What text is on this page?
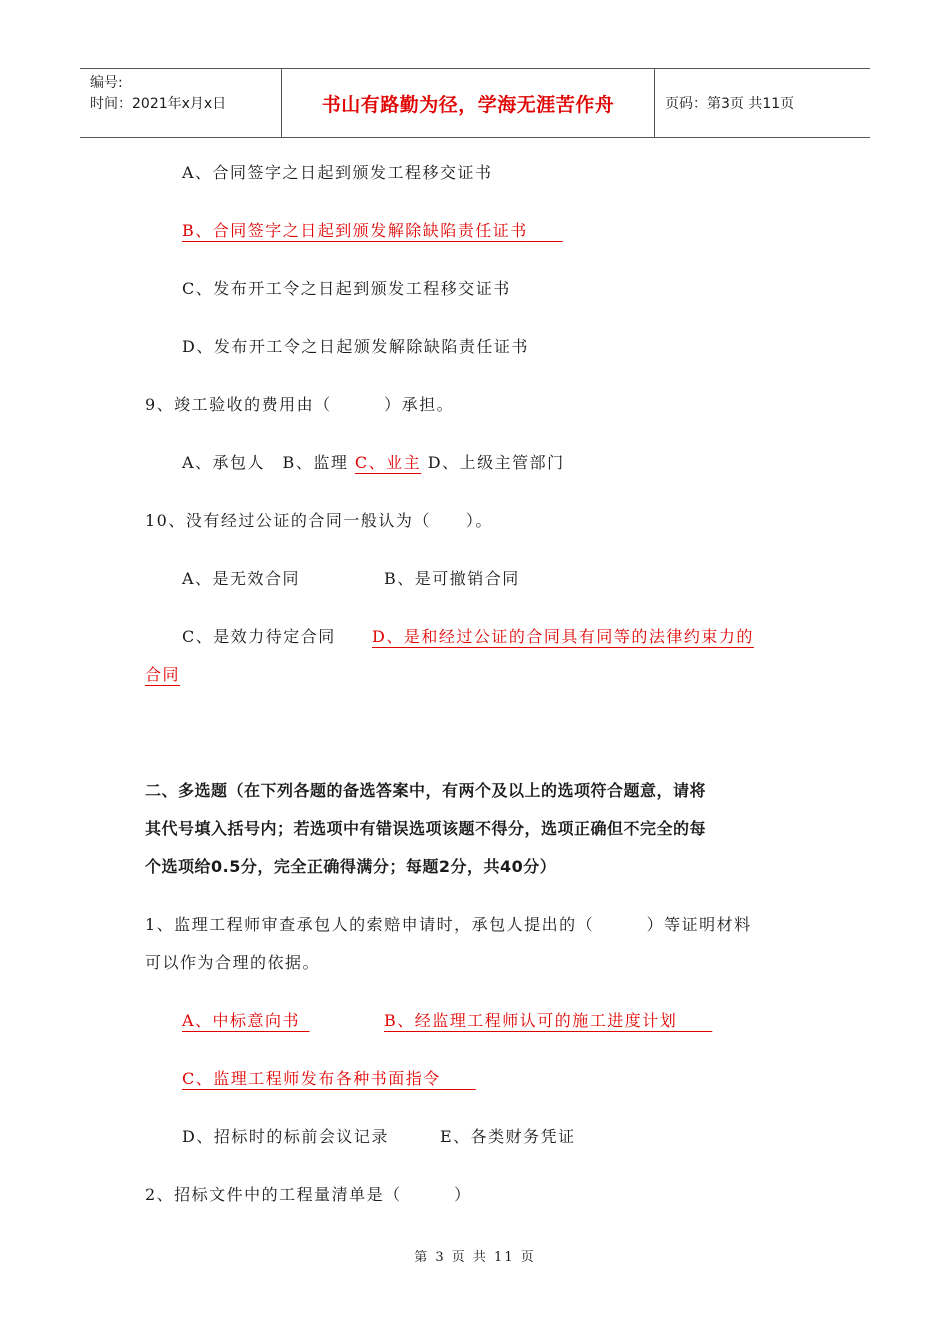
编号:
时间：2021年x月x日	书山有路勤为径，学海无涯苦作舟	页码：第3页 共11页
A、合同签字之日起到颁发工程移交证书
B、合同签字之日起到颁发解除缺陷责任证书　　
C、发布开工令之日起到颁发工程移交证书
D、发布开工令之日起颁发解除缺陷责任证书
9、竣工验收的费用由（　　　）承担。
A、承包人　B、监理 C、业主 D、上级主管部门
10、没有经过公证的合同一般认为（　　）。
A、是无效合同	B、是可撤销合同
C、是效力待定合同 D、是和经过公证的合同具有同等的法律约束力的
合同
二、多选题（在下列各题的备选答案中，有两个及以上的选项符合题意，请将
其代号填入括号内；若选项中有错误选项该题不得分，选项正确但不完全的每
个选项给0.5分，完全正确得满分；每题2分，共40分）
1、监理工程师审查承包人的索赔申请时，承包人提出的（　　　）等证明材料
可以作为合理的依据。
A、中标意向书 	B、经监理工程师认可的施工进度计划　　
C、监理工程师发布各种书面指令　　
D、招标时的标前会议记录	E、各类财务凭证
2、招标文件中的工程量清单是（　　　）
第 3 页 共 11 页
